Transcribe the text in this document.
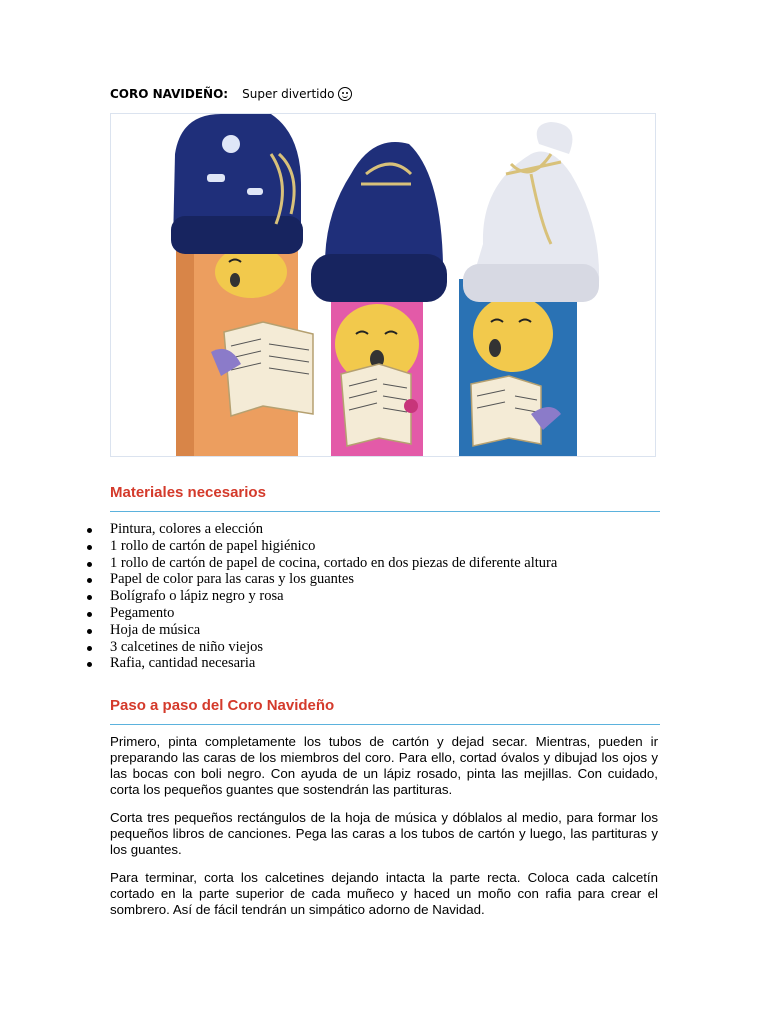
CORO NAVIDEÑO: Super divertido
Materiales necesarios
Pintura, colores a elección
1 rollo de cartón de papel higiénico
1 rollo de cartón de papel de cocina, cortado en dos piezas de diferente altura
Papel de color para las caras y los guantes
Bolígrafo o lápiz negro y rosa
Pegamento
Hoja de música
3 calcetines de niño viejos
Rafia, cantidad necesaria
Paso a paso del Coro Navideño

Primero, pinta completamente los tubos de cartón y dejad secar. Mientras, pueden ir preparando las caras de los miembros del coro. Para ello, cortad óvalos y dibujad los ojos y las bocas con boli negro. Con ayuda de un lápiz rosado, pinta las mejillas. Con cuidado, corta los pequeños guantes que sostendrán las partituras.

Corta tres pequeños rectángulos de la hoja de música y dóblalos al medio, para formar los pequeños libros de canciones. Pega las caras a los tubos de cartón y luego, las partituras y los guantes.

Para terminar, corta los calcetines dejando intacta la parte recta. Coloca cada calcetín cortado en la parte superior de cada muñeco y haced un moño con rafia para crear el sombrero. Así de fácil tendrán un simpático adorno de Navidad.
